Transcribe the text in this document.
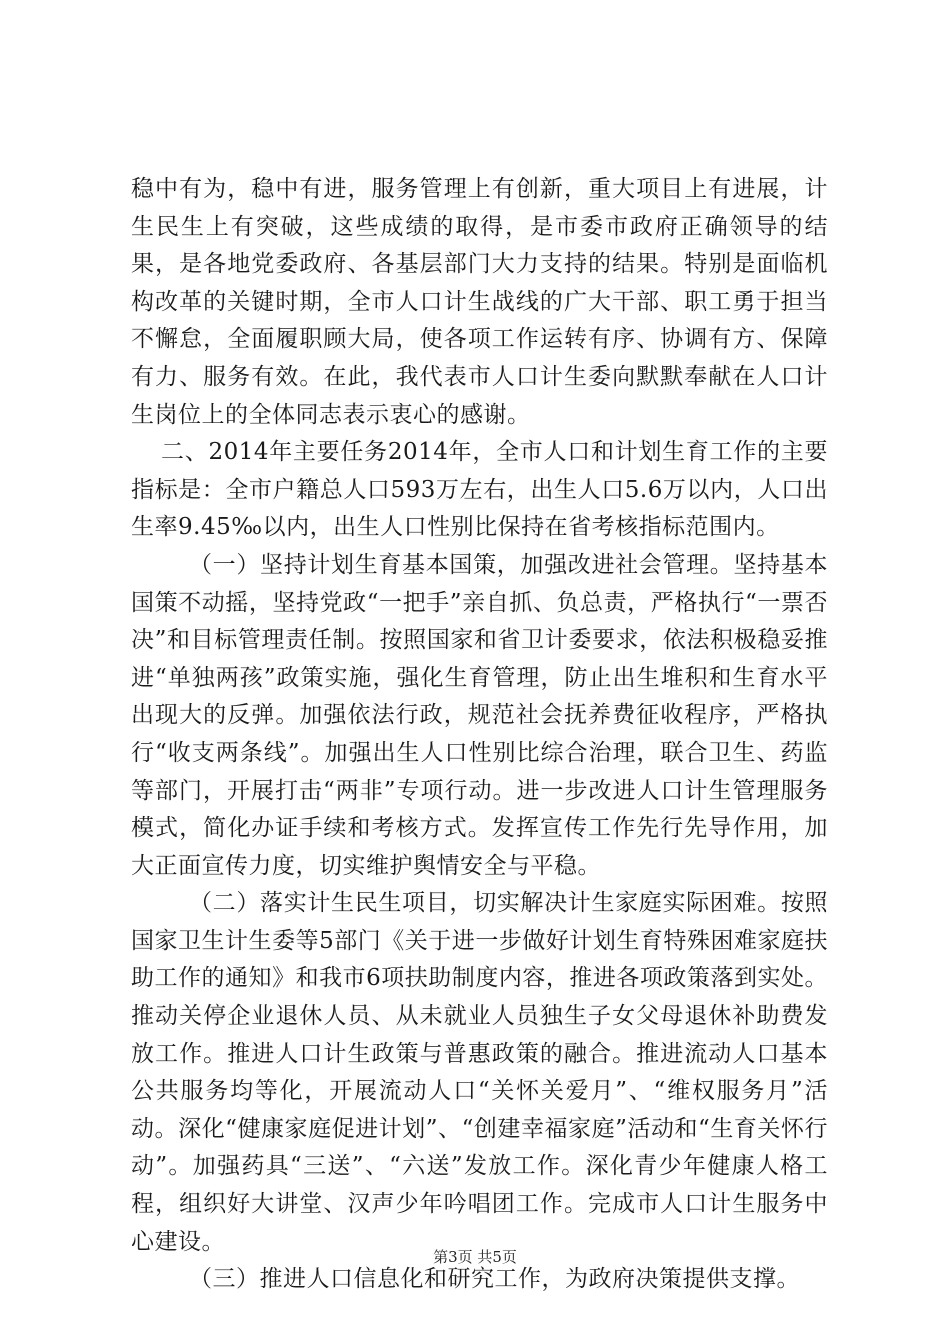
稳中有为，稳中有进，服务管理上有创新，重大项目上有进展，计生民生上有突破，这些成绩的取得，是市委市政府正确领导的结果，是各地党委政府、各基层部门大力支持的结果。特别是面临机构改革的关键时期，全市人口计生战线的广大干部、职工勇于担当不懈怠，全面履职顾大局，使各项工作运转有序、协调有方、保障有力、服务有效。在此，我代表市人口计生委向默默奉献在人口计生岗位上的全体同志表示衷心的感谢。

二、2014年主要任务2014年，全市人口和计划生育工作的主要指标是：全市户籍总人口593万左右，出生人口5.6万以内，人口出生率9.45‰以内，出生人口性别比保持在省考核指标范围内。

（一）坚持计划生育基本国策，加强改进社会管理。坚持基本国策不动摇，坚持党政“一把手”亲自抓、负总责，严格执行“一票否决”和目标管理责任制。按照国家和省卫计委要求，依法积极稳妥推进“单独两孩”政策实施，强化生育管理，防止出生堆积和生育水平出现大的反弹。加强依法行政，规范社会抚养费征收程序，严格执行“收支两条线”。加强出生人口性别比综合治理，联合卫生、药监等部门，开展打击“两非”专项行动。进一步改进人口计生管理服务模式，简化办证手续和考核方式。发挥宣传工作先行先导作用，加大正面宣传力度，切实维护舆情安全与平稳。

（二）落实计生民生项目，切实解决计生家庭实际困难。按照国家卫生计生委等5部门《关于进一步做好计划生育特殊困难家庭扶助工作的通知》和我市6项扶助制度内容，推进各项政策落到实处。推动关停企业退休人员、从未就业人员独生子女父母退休补助费发放工作。推进人口计生政策与普惠政策的融合。推进流动人口基本公共服务均等化，开展流动人口“关怀关爱月”、“维权服务月”活动。深化“健康家庭促进计划”、“创建幸福家庭”活动和“生育关怀行动”。加强药具“三送”、“六送”发放工作。深化青少年健康人格工程，组织好大讲堂、汉声少年吟唱团工作。完成市人口计生服务中心建设。

（三）推进人口信息化和研究工作，为政府决策提供支撑。

第3页 共5页
